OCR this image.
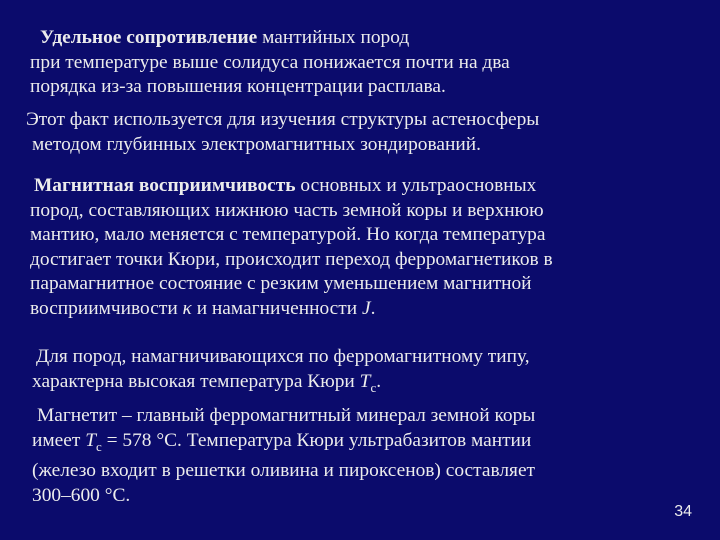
Удельное сопротивление мантийных пород
при температуре выше солидуса понижается почти на два
порядка из-за повышения концентрации расплава.

Этот факт используется для изучения структуры астеносферы
методом глубинных электромагнитных зондирований.

Магнитная восприимчивость основных и ультраосновных
пород, составляющих нижнюю часть земной коры и верхнюю
мантию, мало меняется с температурой. Но когда температура
достигает точки Кюри, происходит переход ферромагнетиков в
парамагнитное состояние с резким уменьшением магнитной
восприимчивости κ и намагниченности J.

Для пород, намагничивающихся по ферромагнитному типу,
характерна высокая температура Кюри $T_c$.

Магнетит – главный ферромагнитный минерал земной коры
имеет $T_c = 578$ °С. Температура Кюри ультрабазитов мантии
(железо входит в решетки оливина и пироксенов) составляет
300–600 °С.

34
